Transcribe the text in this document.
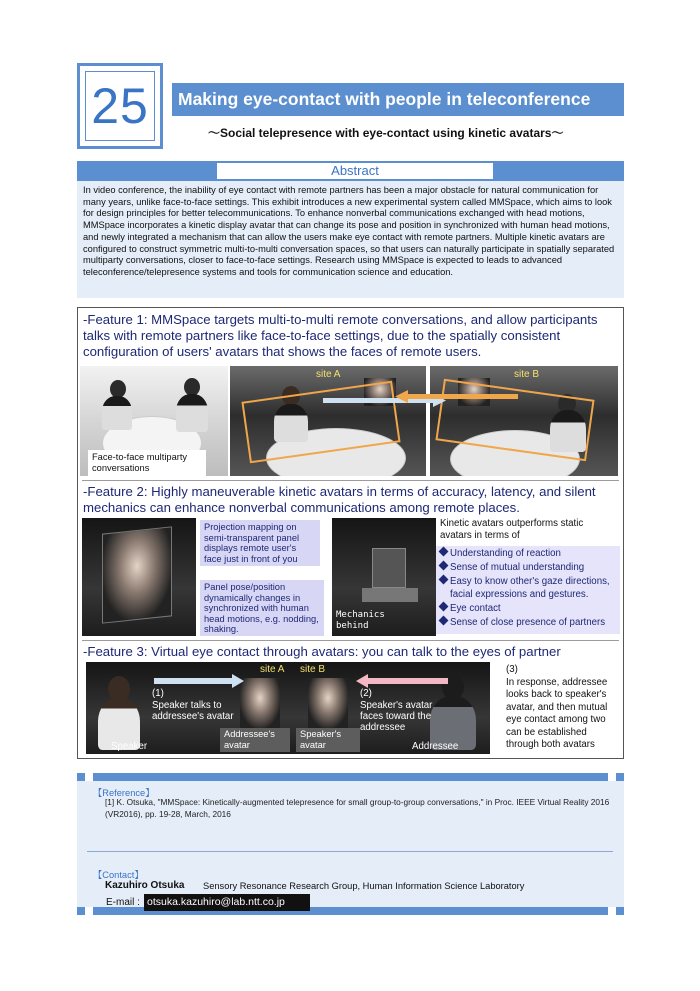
25	Making eye-contact with people in teleconference
～Social telepresence with eye-contact using kinetic avatars～
Abstract
In video conference, the inability of eye contact with remote partners has been a major obstacle for natural communication for many years, unlike face-to-face settings. This exhibit introduces a new experimental system called MMSpace, which aims to look for design principles for better telecommunications. To enhance nonverbal communications exchanged with head motions, MMSpace incorporates a kinetic display avatar that can change its pose and position in synchronized with human head motions, and newly integrated a mechanism that can allow the users make eye contact with remote partners. Multiple kinetic avatars are configured to construct symmetric multi-to-multi conversation spaces, so that users can naturally participate in spatially separated multiparty conversations, closer to face-to-face settings. Research using MMSpace is expected to leads to advanced teleconference/telepresence systems and tools for communication science and education.
-Feature 1: MMSpace targets multi-to-multi remote conversations, and allow participants talks with remote partners like face-to-face settings, due to the spatially consistent configuration of users' avatars that shows the faces of remote users.
Face-to-face multiparty conversations
site A	site B
-Feature 2: Highly maneuverable kinetic avatars in terms of accuracy, latency, and silent mechanics can enhance nonverbal communications among remote places.
Projection mapping on semi-transparent panel displays remote user's face just in front of you
Panel pose/position dynamically changes in synchronized with human head motions, e.g. nodding, shaking.
Mechanics behind
Kinetic avatars outperforms static avatars in terms of
Understanding of reaction
Sense of mutual understanding
Easy to know other's gaze directions,
facial expressions and gestures.
Eye contact
Sense of close presence of partners
-Feature 3: Virtual eye contact through avatars: you can talk to the eyes of partner
site A site B
(1)
Speaker talks to addressee's avatar
Speaker
Addressee's avatar
(2)
Speaker's avatar faces toward the addressee
Speaker's avatar	Addressee
(3)
In response, addressee looks back to speaker's avatar, and then mutual eye contact among two can be established through both avatars
【Reference】
[1] K. Otsuka, "MMSpace: Kinetically-augmented telepresence for small group-to-group conversations," in Proc. IEEE Virtual Reality 2016 (VR2016), pp. 19-28, March, 2016
【Contact】
Kazuhiro Otsuka Sensory Resonance Research Group, Human Information Science Laboratory
E-mail : otsuka.kazuhiro@lab.ntt.co.jp
